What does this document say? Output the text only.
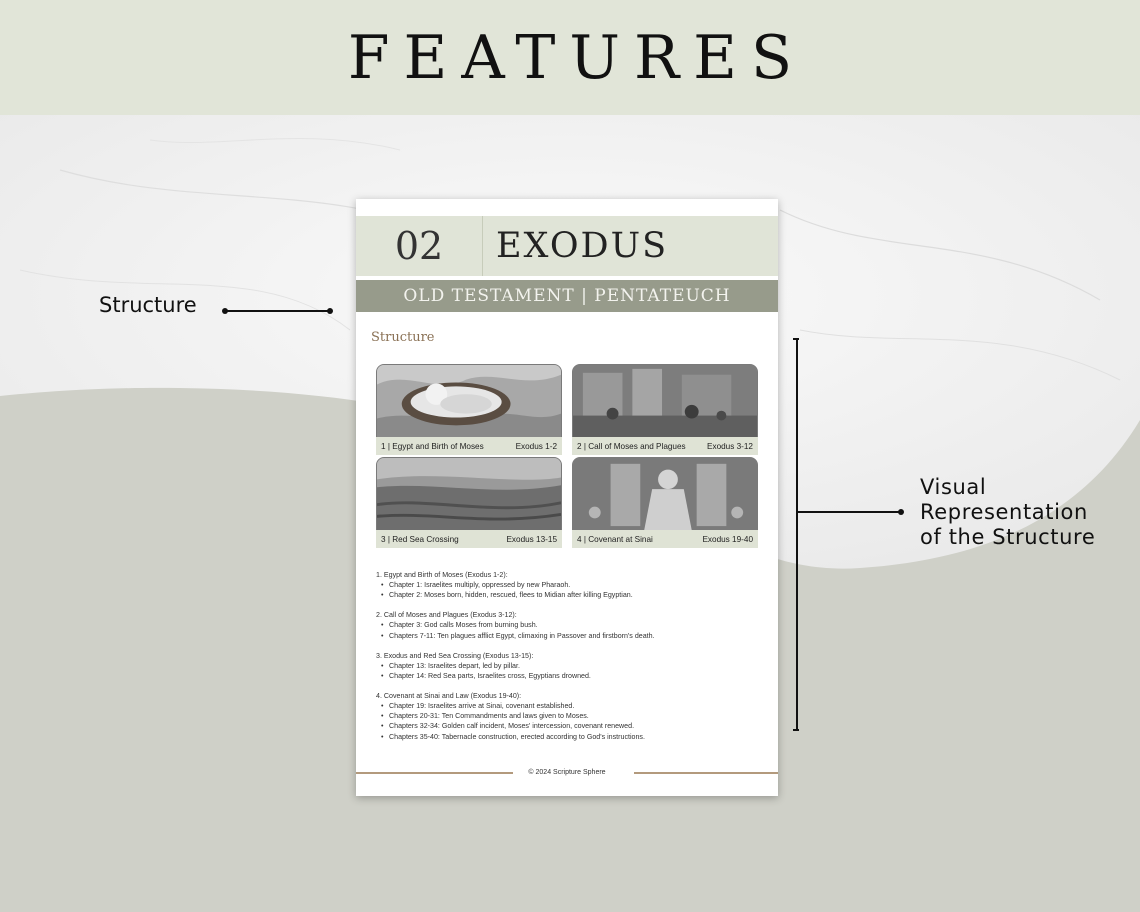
FEATURES
Structure
Visual
Representation
of the Structure
02	EXODUS
OLD TESTAMENT | PENTATEUCH
Structure
1 | Egypt and Birth of Moses	Exodus 1-2 2 | Call of Moses and Plagues	Exodus 3-12
3 | Red Sea Crossing	Exodus 13-15 4 | Covenant at Sinai	Exodus 19-40
1. Egypt and Birth of Moses (Exodus 1-2):
• Chapter 1: Israelites multiply, oppressed by new Pharaoh.
• Chapter 2: Moses born, hidden, rescued, flees to Midian after killing Egyptian.
2. Call of Moses and Plagues (Exodus 3-12):
• Chapter 3: God calls Moses from burning bush.
• Chapters 7-11: Ten plagues afflict Egypt, climaxing in Passover and firstborn's death.
3. Exodus and Red Sea Crossing (Exodus 13-15):
• Chapter 13: Israelites depart, led by pillar.
• Chapter 14: Red Sea parts, Israelites cross, Egyptians drowned.
4. Covenant at Sinai and Law (Exodus 19-40):
• Chapter 19: Israelites arrive at Sinai, covenant established.
• Chapters 20-31: Ten Commandments and laws given to Moses.
• Chapters 32-34: Golden calf incident, Moses' intercession, covenant renewed.
• Chapters 35-40: Tabernacle construction, erected according to God's instructions.
© 2024 Scripture Sphere
